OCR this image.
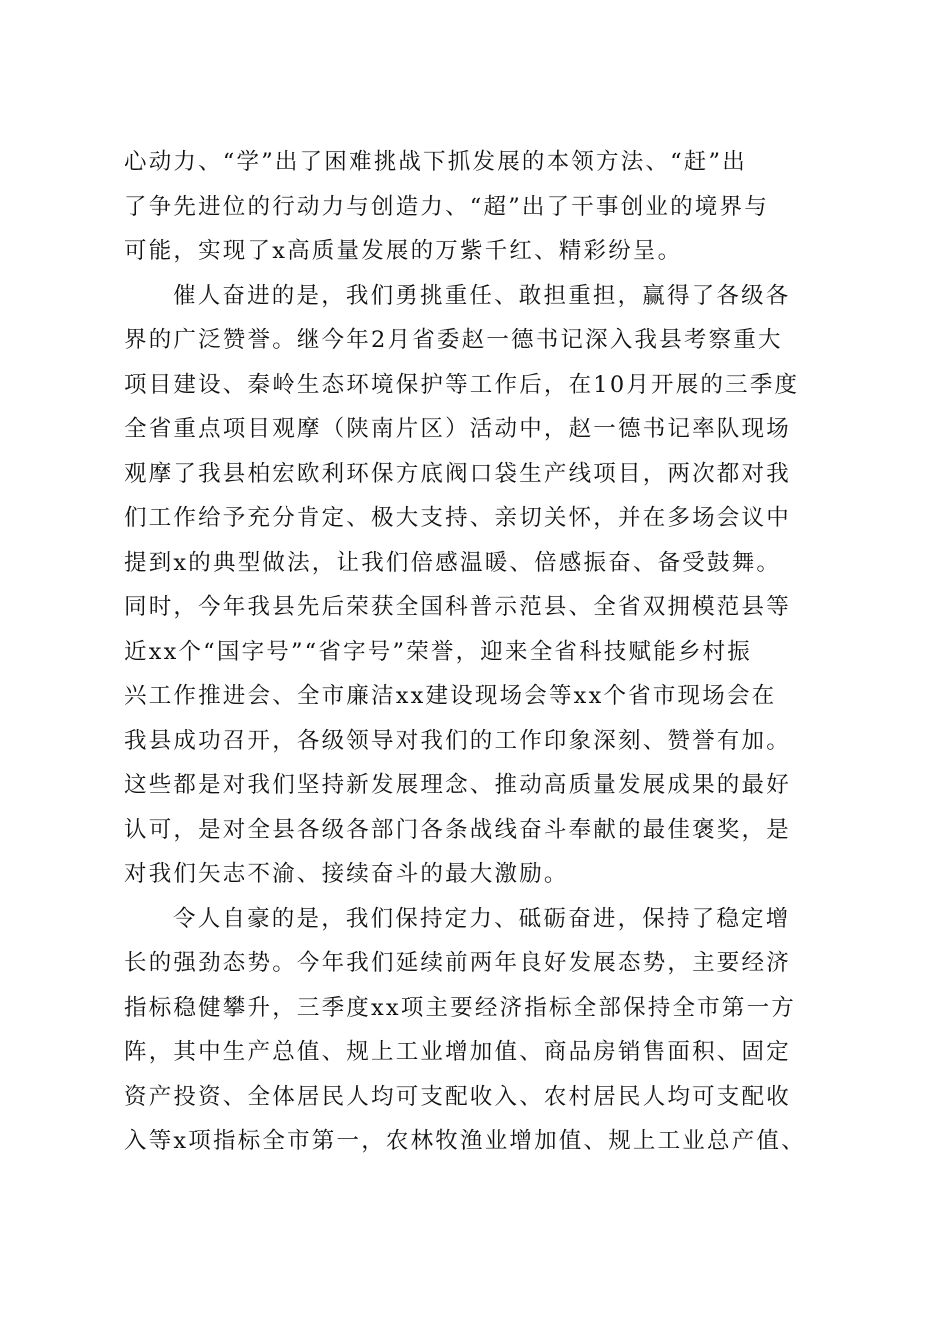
心动力、“学”出了困难挑战下抓发展的本领方法、“赶”出
了争先进位的行动力与创造力、“超”出了干事创业的境界与
可能，实现了x高质量发展的万紫千红、精彩纷呈。
催人奋进的是，我们勇挑重任、敢担重担，赢得了各级各
界的广泛赞誉。继今年2月省委赵一德书记深入我县考察重大
项目建设、秦岭生态环境保护等工作后，在10月开展的三季度
全省重点项目观摩（陕南片区）活动中，赵一德书记率队现场
观摩了我县柏宏欧利环保方底阀口袋生产线项目，两次都对我
们工作给予充分肯定、极大支持、亲切关怀，并在多场会议中
提到x的典型做法，让我们倍感温暖、倍感振奋、备受鼓舞。
同时，今年我县先后荣获全国科普示范县、全省双拥模范县等
近xx个“国字号”“省字号”荣誉，迎来全省科技赋能乡村振
兴工作推进会、全市廉洁xx建设现场会等xx个省市现场会在
我县成功召开，各级领导对我们的工作印象深刻、赞誉有加。
这些都是对我们坚持新发展理念、推动高质量发展成果的最好
认可，是对全县各级各部门各条战线奋斗奉献的最佳褒奖，是
对我们矢志不渝、接续奋斗的最大激励。
令人自豪的是，我们保持定力、砥砺奋进，保持了稳定增
长的强劲态势。今年我们延续前两年良好发展态势，主要经济
指标稳健攀升，三季度xx项主要经济指标全部保持全市第一方
阵，其中生产总值、规上工业增加值、商品房销售面积、固定
资产投资、全体居民人均可支配收入、农村居民人均可支配收
入等x项指标全市第一，农林牧渔业增加值、规上工业总产值、
